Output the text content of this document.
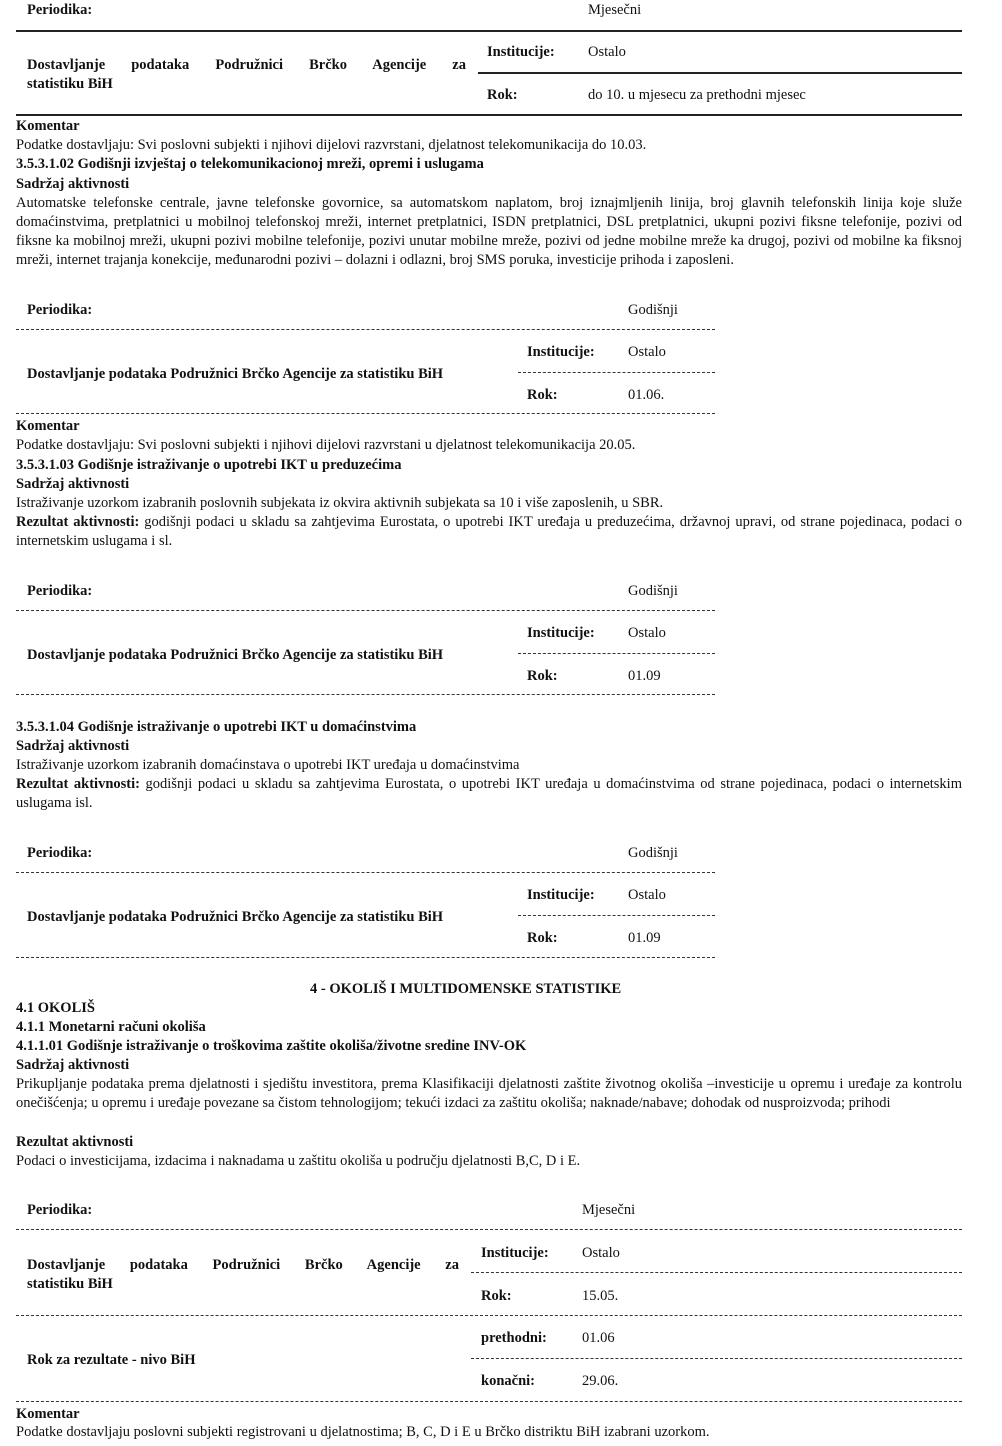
Periodika:	Mjesečni
Institucije: Ostalo
Dostavljanje podataka Podružnici Brčko Agencije za
statistiku BiH
Rok:	do 10. u mjesecu za prethodni mjesec
Komentar
Podatke dostavljaju: Svi poslovni subjekti i njihovi dijelovi razvrstani, djelatnost telekomunikacija do 10.03.
3.5.3.1.02 Godišnji izvještaj o telekomunikacionoj mreži, opremi i uslugama
Sadržaj aktivnosti
Automatske telefonske centrale, javne telefonske govornice, sa automatskom naplatom, broj iznajmljenih linija, broj glavnih telefonskih linija koje služe domaćinstvima, pretplatnici u mobilnoj telefonskoj mreži, internet pretplatnici, ISDN pretplatnici, DSL pretplatnici, ukupni pozivi fiksne telefonije, pozivi od fiksne ka mobilnoj mreži, ukupni pozivi mobilne telefonije, pozivi unutar mobilne mreže, pozivi od jedne mobilne mreže ka drugoj, pozivi od mobilne ka fiksnoj mreži, internet trajanja konekcije, međunarodni pozivi – dolazni i odlazni, broj SMS poruka, investicije prihoda i zaposleni.
Periodika:	Godišnji
Institucije: Ostalo
Dostavljanje podataka Podružnici Brčko Agencije za statistiku BiH
Rok:	01.06.
Komentar
Podatke dostavljaju: Svi poslovni subjekti i njihovi dijelovi razvrstani u djelatnost telekomunikacija 20.05.
3.5.3.1.03 Godišnje istraživanje o upotrebi IKT u preduzećima
Sadržaj aktivnosti
Istraživanje uzorkom izabranih poslovnih subjekata iz okvira aktivnih subjekata sa 10 i više zaposlenih, u SBR.
Rezultat aktivnosti: godišnji podaci u skladu sa zahtjevima Eurostata, o upotrebi IKT uređaja u preduzećima, državnoj upravi, od strane pojedinaca, podaci o internetskim uslugama i sl.
Periodika:	Godišnji
Institucije: Ostalo
Dostavljanje podataka Podružnici Brčko Agencije za statistiku BiH
Rok:	01.09
3.5.3.1.04 Godišnje istraživanje o upotrebi IKT u domaćinstvima
Sadržaj aktivnosti
Istraživanje uzorkom izabranih domaćinstava o upotrebi IKT uređaja u domaćinstvima
Rezultat aktivnosti: godišnji podaci u skladu sa zahtjevima Eurostata, o upotrebi IKT uređaja u domaćinstvima od strane pojedinaca, podaci o internetskim uslugama isl.
Periodika:	Godišnji
Institucije: Ostalo
Dostavljanje podataka Podružnici Brčko Agencije za statistiku BiH
Rok:	01.09
4 - OKOLIŠ I MULTIDOMENSKE STATISTIKE
4.1 OKOLIŠ
4.1.1 Monetarni računi okoliša
4.1.1.01 Godišnje istraživanje o troškovima zaštite okoliša/životne sredine INV-OK
Sadržaj aktivnosti
Prikupljanje podataka prema djelatnosti i sjedištu investitora, prema Klasifikaciji djelatnosti zaštite životnog okoliša –investicije u opremu i uređaje za kontrolu onečišćenja; u opremu i uređaje povezane sa čistom tehnologijom; tekući izdaci za zaštitu okoliša; naknade/nabave; dohodak od nusproizvoda; prihodi
Rezultat aktivnosti
Podaci o investicijama, izdacima i naknadama u zaštitu okoliša u području djelatnosti B,C, D i E.
Periodika:	Mjesečni
Institucije: Ostalo
Dostavljanje podataka Podružnici Brčko Agencije za
statistiku BiH
Rok:	15.05.
prethodni: 01.06
Rok za rezultate - nivo BiH
konačni:	29.06.
Komentar
Podatke dostavljaju poslovni subjekti registrovani u djelatnostima; B, C, D i E u Brčko distriktu BiH izabrani uzorkom.
